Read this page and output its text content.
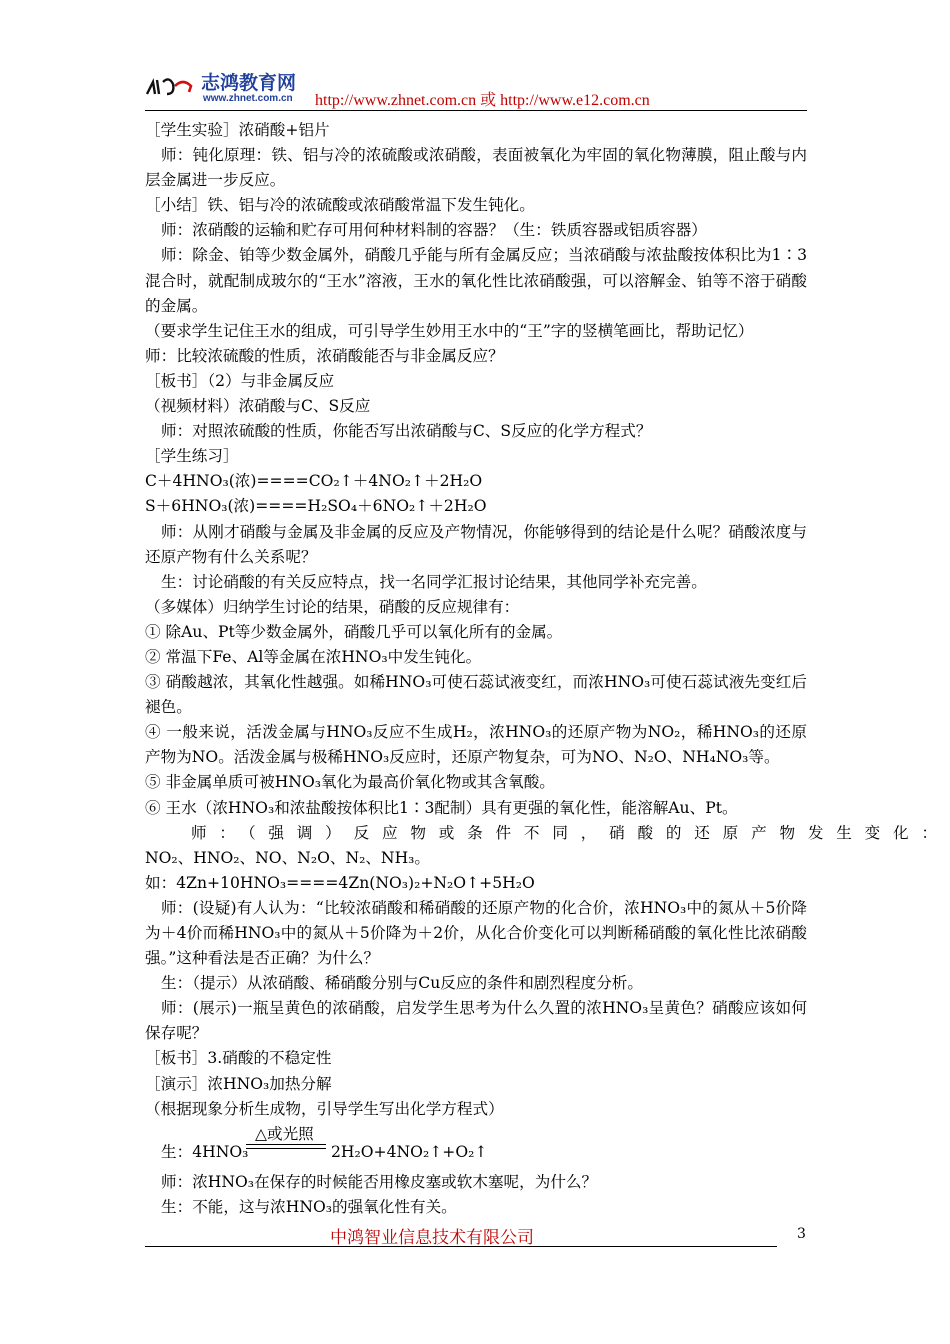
志鸿教育网
www.zhnet.com.cn http://www.zhnet.com.cn 或 http://www.e12.com.cn

［学生实验］浓硝酸+铝片

师：钝化原理：铁、铝与冷的浓硫酸或浓硝酸，表面被氧化为牢固的氧化物薄膜，阻止酸与内层金属进一步反应。

［小结］铁、铝与冷的浓硫酸或浓硝酸常温下发生钝化。

师：浓硝酸的运输和贮存可用何种材料制的容器？（生：铁质容器或铝质容器）

师：除金、铂等少数金属外，硝酸几乎能与所有金属反应；当浓硝酸与浓盐酸按体积比为1∶3混合时，就配制成玻尔的“王水”溶液，王水的氧化性比浓硝酸强，可以溶解金、铂等不溶于硝酸的金属。

（要求学生记住王水的组成，可引导学生妙用王水中的“王”字的竖横笔画比，帮助记忆）

师：比较浓硫酸的性质，浓硝酸能否与非金属反应？

［板书］（2）与非金属反应

（视频材料）浓硝酸与C、S反应

师：对照浓硫酸的性质，你能否写出浓硝酸与C、S反应的化学方程式？

［学生练习］

C＋4HNO₃(浓)====CO₂↑＋4NO₂↑＋2H₂O

S＋6HNO₃(浓)====H₂SO₄＋6NO₂↑＋2H₂O

师：从刚才硝酸与金属及非金属的反应及产物情况，你能够得到的结论是什么呢？硝酸浓度与还原产物有什么关系呢？

生：讨论硝酸的有关反应特点，找一名同学汇报讨论结果，其他同学补充完善。

（多媒体）归纳学生讨论的结果，硝酸的反应规律有：

① 除Au、Pt等少数金属外，硝酸几乎可以氧化所有的金属。

② 常温下Fe、Al等金属在浓HNO₃中发生钝化。

③ 硝酸越浓，其氧化性越强。如稀HNO₃可使石蕊试液变红，而浓HNO₃可使石蕊试液先变红后褪色。

④ 一般来说，活泼金属与HNO₃反应不生成H₂，浓HNO₃的还原产物为NO₂，稀HNO₃的还原产物为NO。活泼金属与极稀HNO₃反应时，还原产物复杂，可为NO、N₂O、NH₄NO₃等。

⑤ 非金属单质可被HNO₃氧化为最高价氧化物或其含氧酸。

⑥ 王水（浓HNO₃和浓盐酸按体积比1∶3配制）具有更强的氧化性，能溶解Au、Pt。

师：（强调）反应物或条件不同，硝酸的还原产物发生变化：

NO₂、HNO₂、NO、N₂O、N₂、NH₃。

如：4Zn+10HNO₃====4Zn(NO₃)₂+N₂O↑+5H₂O

师：(设疑)有人认为：“比较浓硝酸和稀硝酸的还原产物的化合价，浓HNO₃中的氮从＋5价降为＋4价而稀HNO₃中的氮从＋5价降为＋2价，从化合价变化可以判断稀硝酸的氧化性比浓硝酸强。”这种看法是否正确？为什么？

生：（提示）从浓硝酸、稀硝酸分别与Cu反应的条件和剧烈程度分析。

师：(展示)一瓶呈黄色的浓硝酸，启发学生思考为什么久置的浓HNO₃呈黄色？硝酸应该如何保存呢？

［板书］3.硝酸的不稳定性

［演示］浓HNO₃加热分解

（根据现象分析生成物，引导学生写出化学方程式）

△或光照
生：4HNO₃	2H₂O+4NO₂↑+O₂↑

师：浓HNO₃在保存的时候能否用橡皮塞或软木塞呢，为什么？

生：不能，这与浓HNO₃的强氧化性有关。

中鸿智业信息技术有限公司	3
